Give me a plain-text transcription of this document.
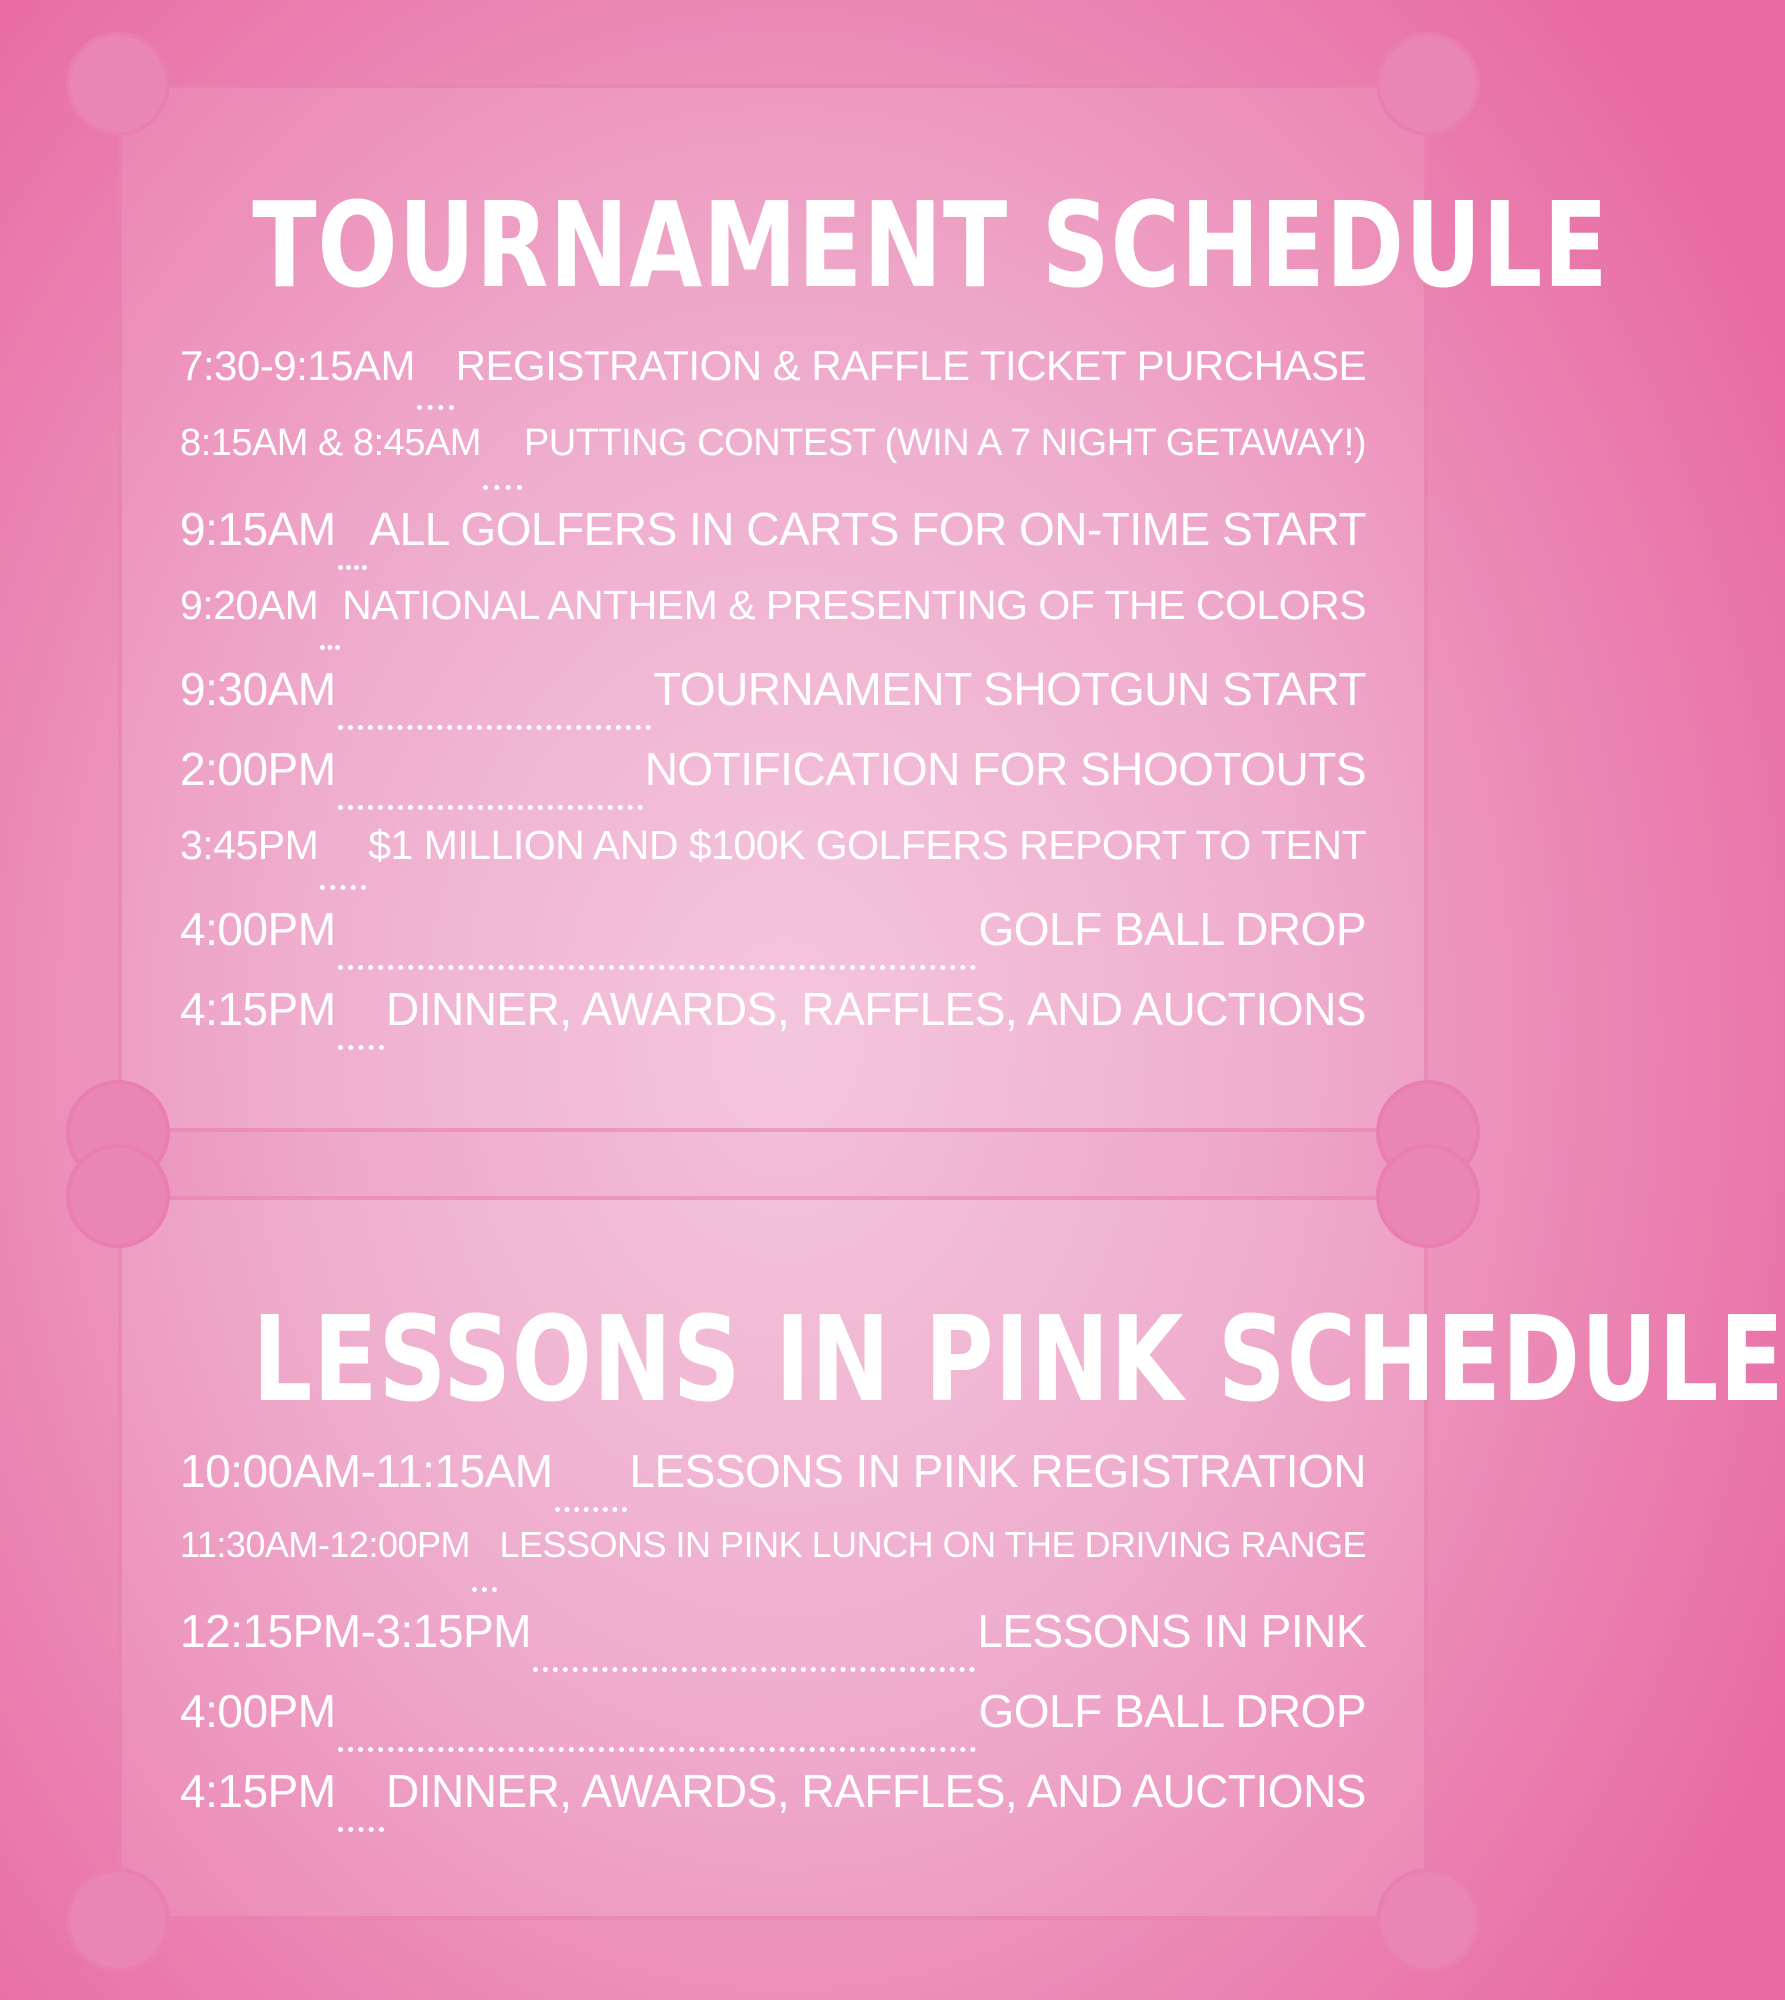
TOURNAMENT SCHEDULE
7:30-9:15AM REGISTRATION & RAFFLE TICKET PURCHASE
8:15AM & 8:45AM PUTTING CONTEST (WIN A 7 NIGHT GETAWAY!)
9:15AM ALL GOLFERS IN CARTS FOR ON-TIME START
9:20AM NATIONAL ANTHEM & PRESENTING OF THE COLORS
9:30AM	TOURNAMENT SHOTGUN START
2:00PM	NOTIFICATION FOR SHOOTOUTS
3:45PM $1 MILLION AND $100K GOLFERS REPORT TO TENT
4:00PM	GOLF BALL DROP
4:15PM DINNER, AWARDS, RAFFLES, AND AUCTIONS
LESSONS IN PINK SCHEDULE
10:00AM-11:15AM LESSONS IN PINK REGISTRATION
11:30AM-12:00PM LESSONS IN PINK LUNCH ON THE DRIVING RANGE
12:15PM-3:15PM	LESSONS IN PINK
4:00PM	GOLF BALL DROP
4:15PM DINNER, AWARDS, RAFFLES, AND AUCTIONS
